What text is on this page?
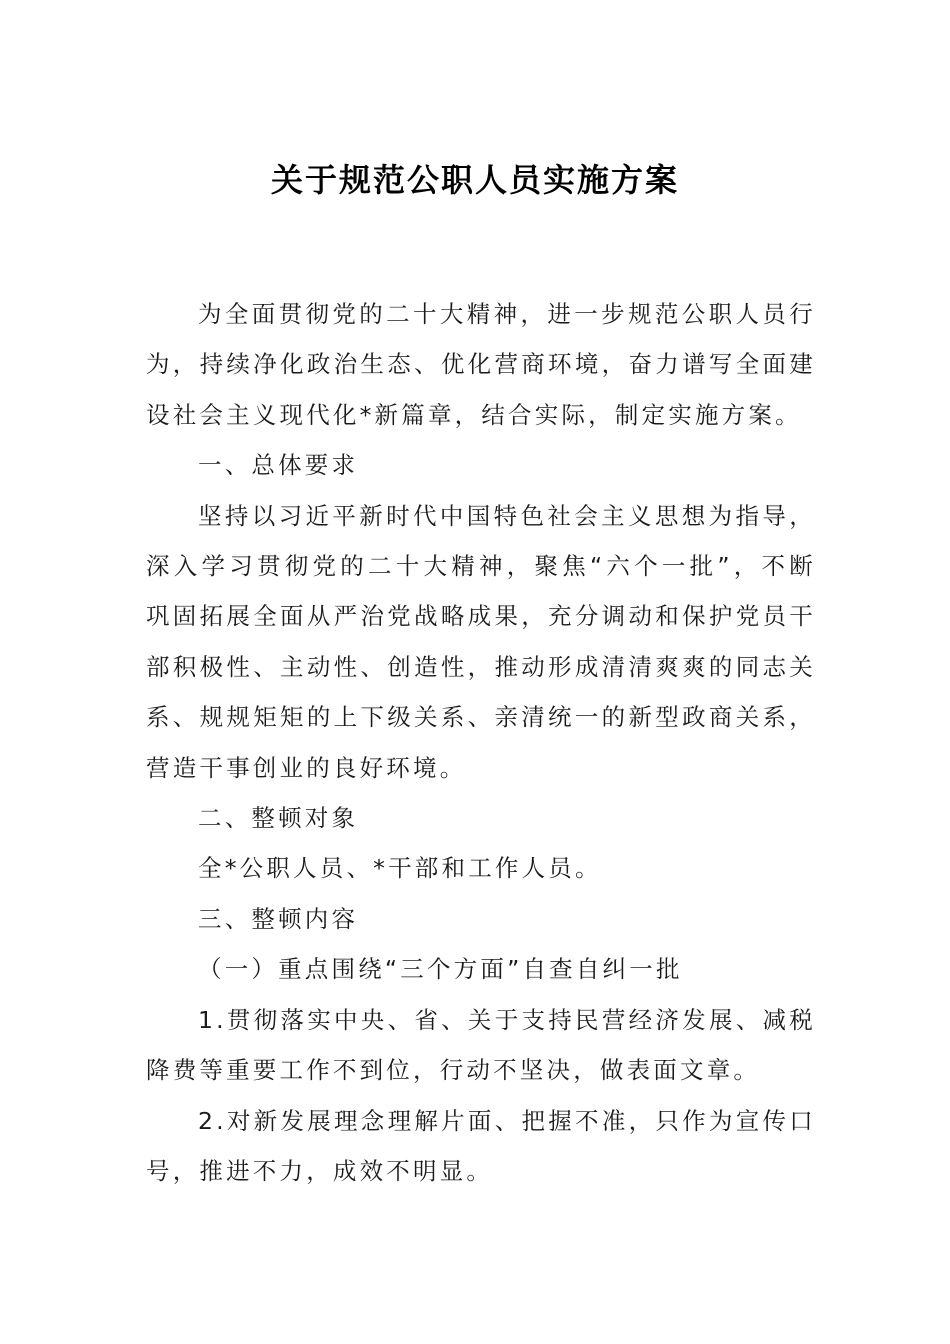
关于规范公职人员实施方案

为全面贯彻党的二十大精神，进一步规范公职人员行为，持续净化政治生态、优化营商环境，奋力谱写全面建设社会主义现代化*新篇章，结合实际，制定实施方案。

一、总体要求

坚持以习近平新时代中国特色社会主义思想为指导，深入学习贯彻党的二十大精神，聚焦“六个一批”，不断巩固拓展全面从严治党战略成果，充分调动和保护党员干部积极性、主动性、创造性，推动形成清清爽爽的同志关系、规规矩矩的上下级关系、亲清统一的新型政商关系，营造干事创业的良好环境。

二、整顿对象

全*公职人员、*干部和工作人员。

三、整顿内容

（一）重点围绕“三个方面”自查自纠一批

1.贯彻落实中央、省、关于支持民营经济发展、减税降费等重要工作不到位，行动不坚决，做表面文章。

2.对新发展理念理解片面、把握不准，只作为宣传口号，推进不力，成效不明显。
